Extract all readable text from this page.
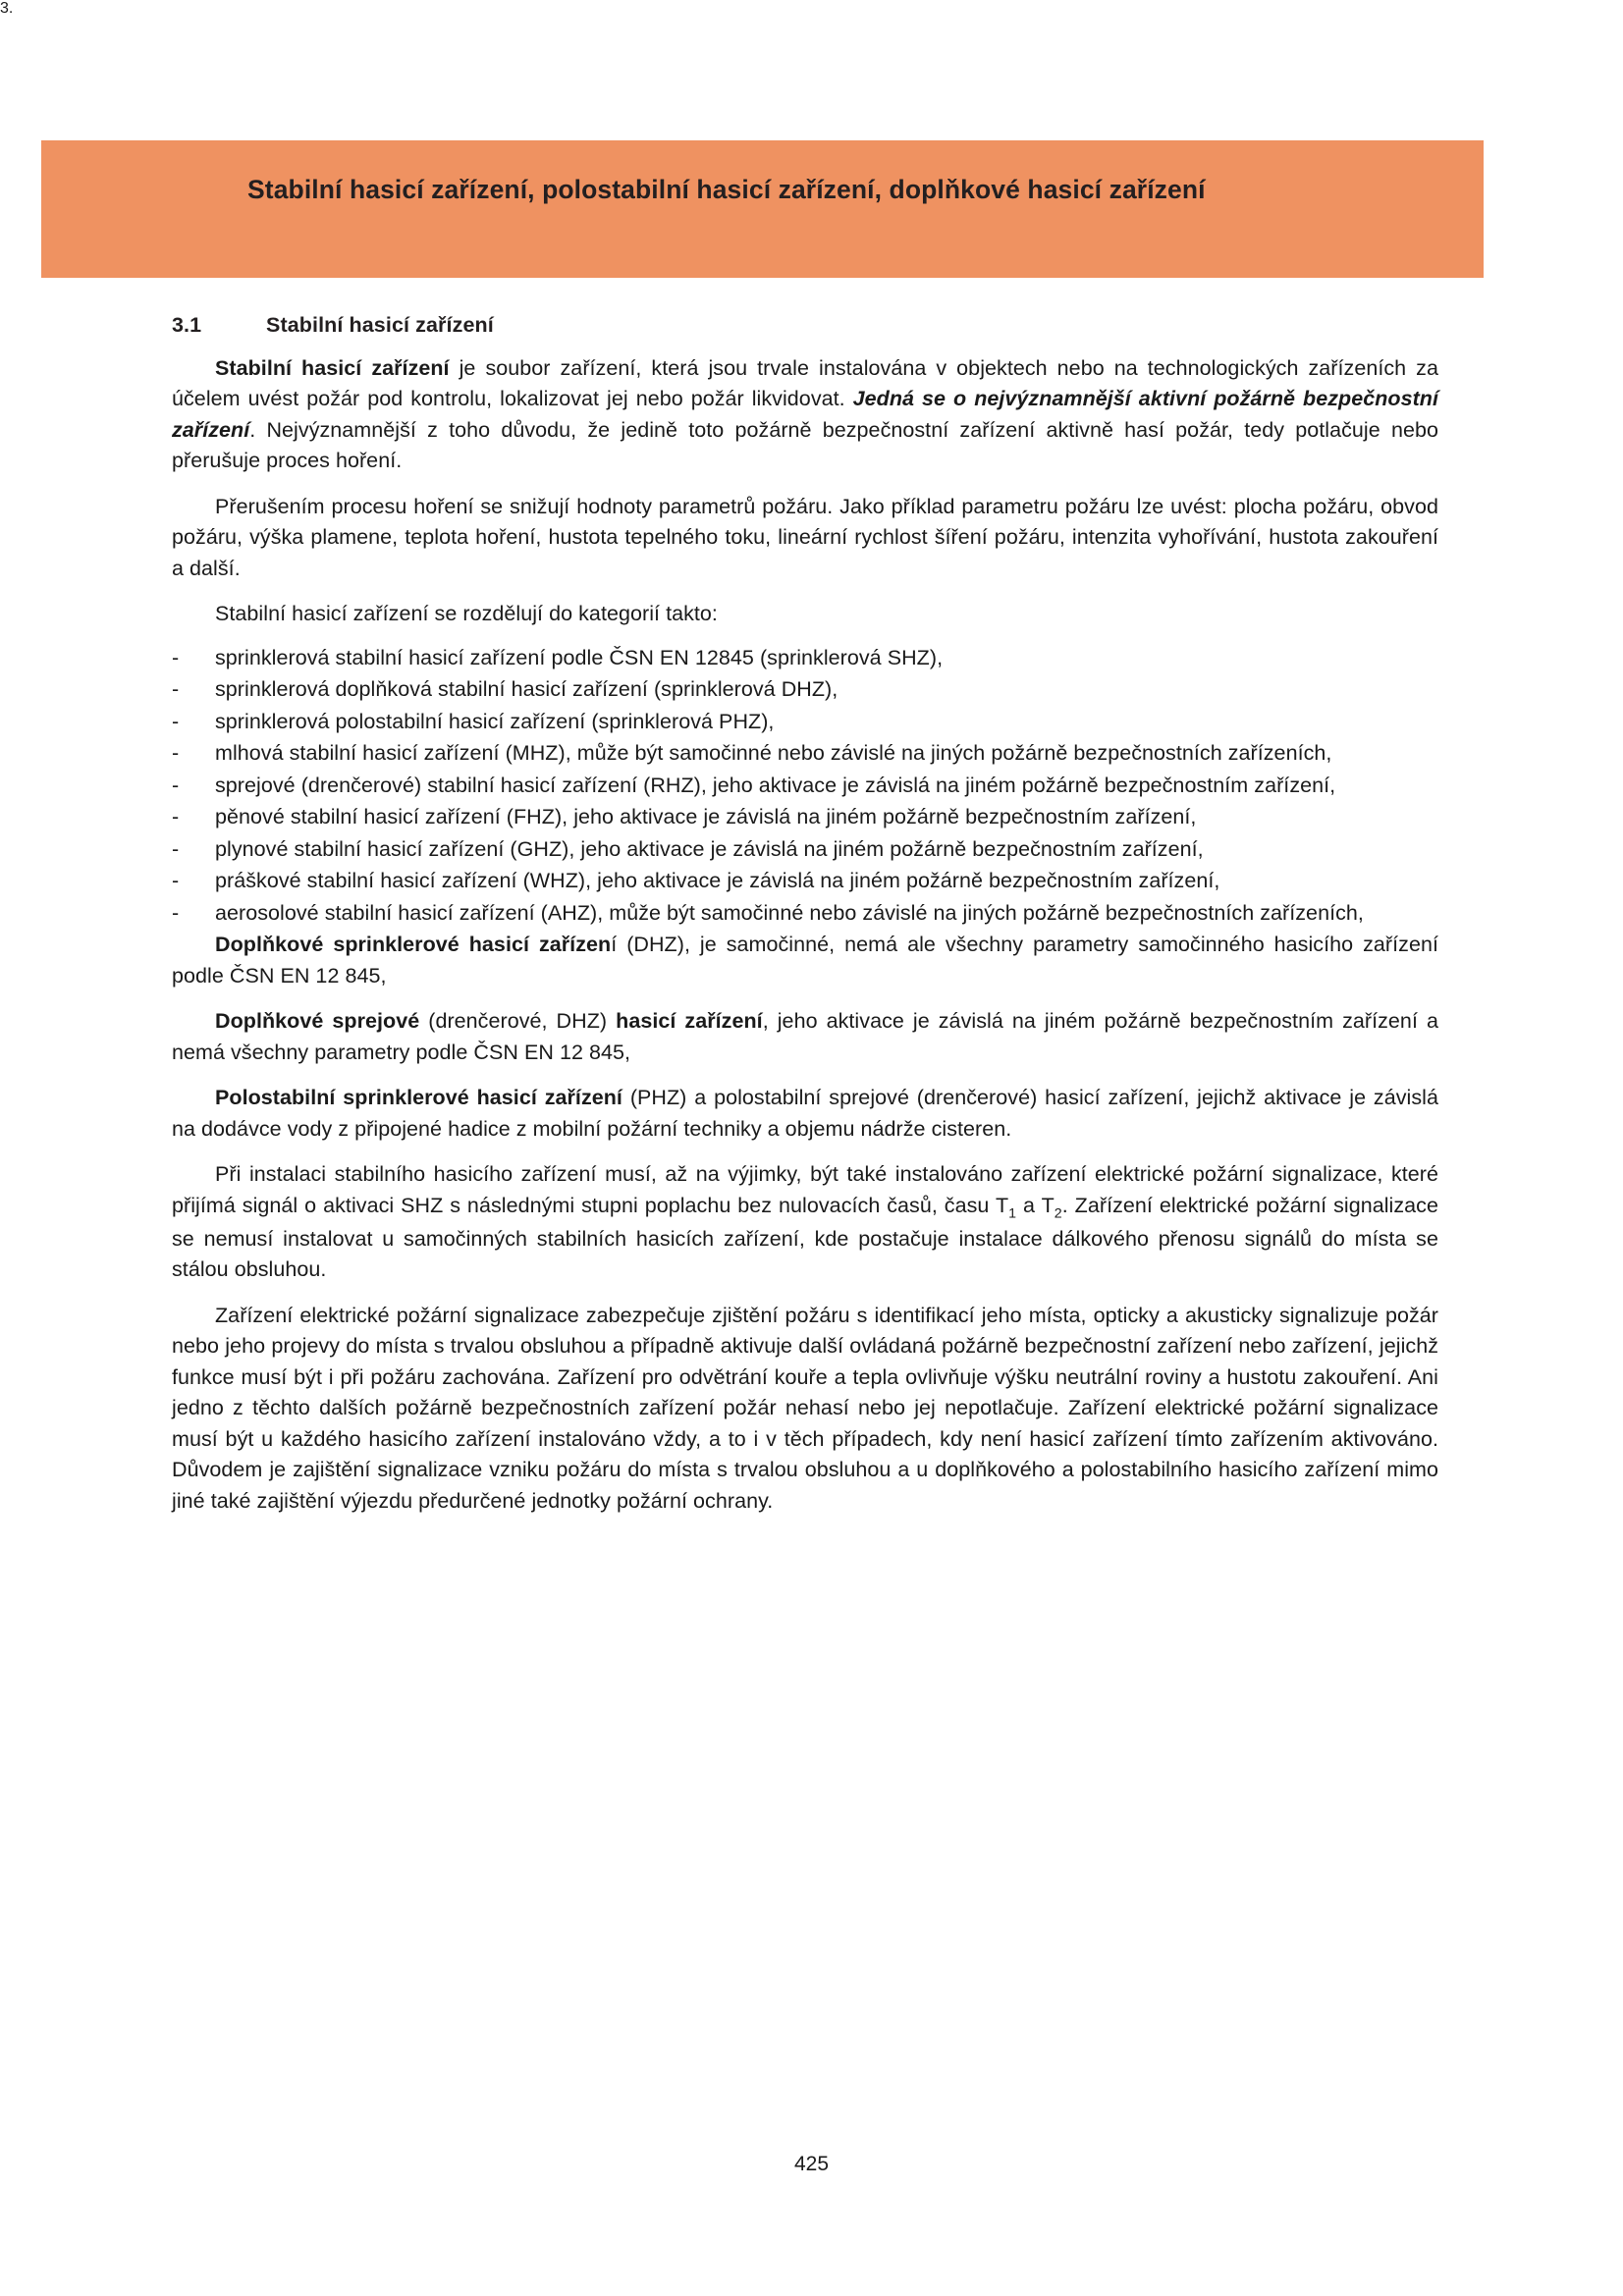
Stabilní hasicí zařízení, polostabilní hasicí zařízení, doplňkové hasicí zařízení
3.
3.1	Stabilní hasicí zařízení

Stabilní hasicí zařízení je soubor zařízení, která jsou trvale instalována v objektech nebo na technologických zařízeních za účelem uvést požár pod kontrolu, lokalizovat jej nebo požár likvidovat. Jedná se o nejvýznamnější aktivní požárně bezpečnostní zařízení. Nejvýznamnější z toho důvodu, že jedině toto požárně bezpečnostní zařízení aktivně hasí požár, tedy potlačuje nebo přerušuje proces hoření.

Přerušením procesu hoření se snižují hodnoty parametrů požáru. Jako příklad parametru požáru lze uvést: plocha požáru, obvod požáru, výška plamene, teplota hoření, hustota tepelného toku, lineární rychlost šíření požáru, intenzita vyhořívání, hustota zakouření a další.

Stabilní hasicí zařízení se rozdělují do kategorií takto:

- sprinklerová stabilní hasicí zařízení podle ČSN EN 12845 (sprinklerová SHZ),
- sprinklerová doplňková stabilní hasicí zařízení (sprinklerová DHZ),
- sprinklerová polostabilní hasicí zařízení (sprinklerová PHZ),
- mlhová stabilní hasicí zařízení (MHZ), může být samočinné nebo závislé na jiných požárně bezpečnostních zařízeních,
- sprejové (drenčerové) stabilní hasicí zařízení (RHZ), jeho aktivace je závislá na jiném požárně bezpečnostním zařízení,
- pěnové stabilní hasicí zařízení (FHZ), jeho aktivace je závislá na jiném požárně bezpečnostním zařízení,
- plynové stabilní hasicí zařízení (GHZ), jeho aktivace je závislá na jiném požárně bezpečnostním zařízení,
- práškové stabilní hasicí zařízení (WHZ), jeho aktivace je závislá na jiném požárně bezpečnostním zařízení,
- aerosolové stabilní hasicí zařízení (AHZ), může být samočinné nebo závislé na jiných požárně bezpečnostních zařízeních,

Doplňkové sprinklerové hasicí zařízení (DHZ), je samočinné, nemá ale všechny parametry samočinného hasicího zařízení podle ČSN EN 12 845,

Doplňkové sprejové (drenčerové, DHZ) hasicí zařízení, jeho aktivace je závislá na jiném požárně bezpečnostním zařízení a nemá všechny parametry podle ČSN EN 12 845,

Polostabilní sprinklerové hasicí zařízení (PHZ) a polostabilní sprejové (drenčerové) hasicí zařízení, jejichž aktivace je závislá na dodávce vody z připojené hadice z mobilní požární techniky a objemu nádrže cisteren.

Při instalaci stabilního hasicího zařízení musí, až na výjimky, být také instalováno zařízení elektrické požární signalizace, které přijímá signál o aktivaci SHZ s následnými stupni poplachu bez nulovacích časů, času $T_1$ a $T_2$. Zařízení elektrické požární signalizace se nemusí instalovat u samočinných stabilních hasicích zařízení, kde postačuje instalace dálkového přenosu signálů do místa se stálou obsluhou.

Zařízení elektrické požární signalizace zabezpečuje zjištění požáru s identifikací jeho místa, opticky a akusticky signalizuje požár nebo jeho projevy do místa s trvalou obsluhou a případně aktivuje další ovládaná požárně bezpečnostní zařízení nebo zařízení, jejichž funkce musí být i při požáru zachována. Zařízení pro odvětrání kouře a tepla ovlivňuje výšku neutrální roviny a hustotu zakouření. Ani jedno z těchto dalších požárně bezpečnostních zařízení požár nehasí nebo jej nepotlačuje. Zařízení elektrické požární signalizace musí být u každého hasicího zařízení instalováno vždy, a to i v těch případech, kdy není hasicí zařízení tímto zařízením aktivováno. Důvodem je zajištění signalizace vzniku požáru do místa s trvalou obsluhou a u doplňkového a polostabilního hasicího zařízení mimo jiné také zajištění výjezdu předurčené jednotky požární ochrany.

425
